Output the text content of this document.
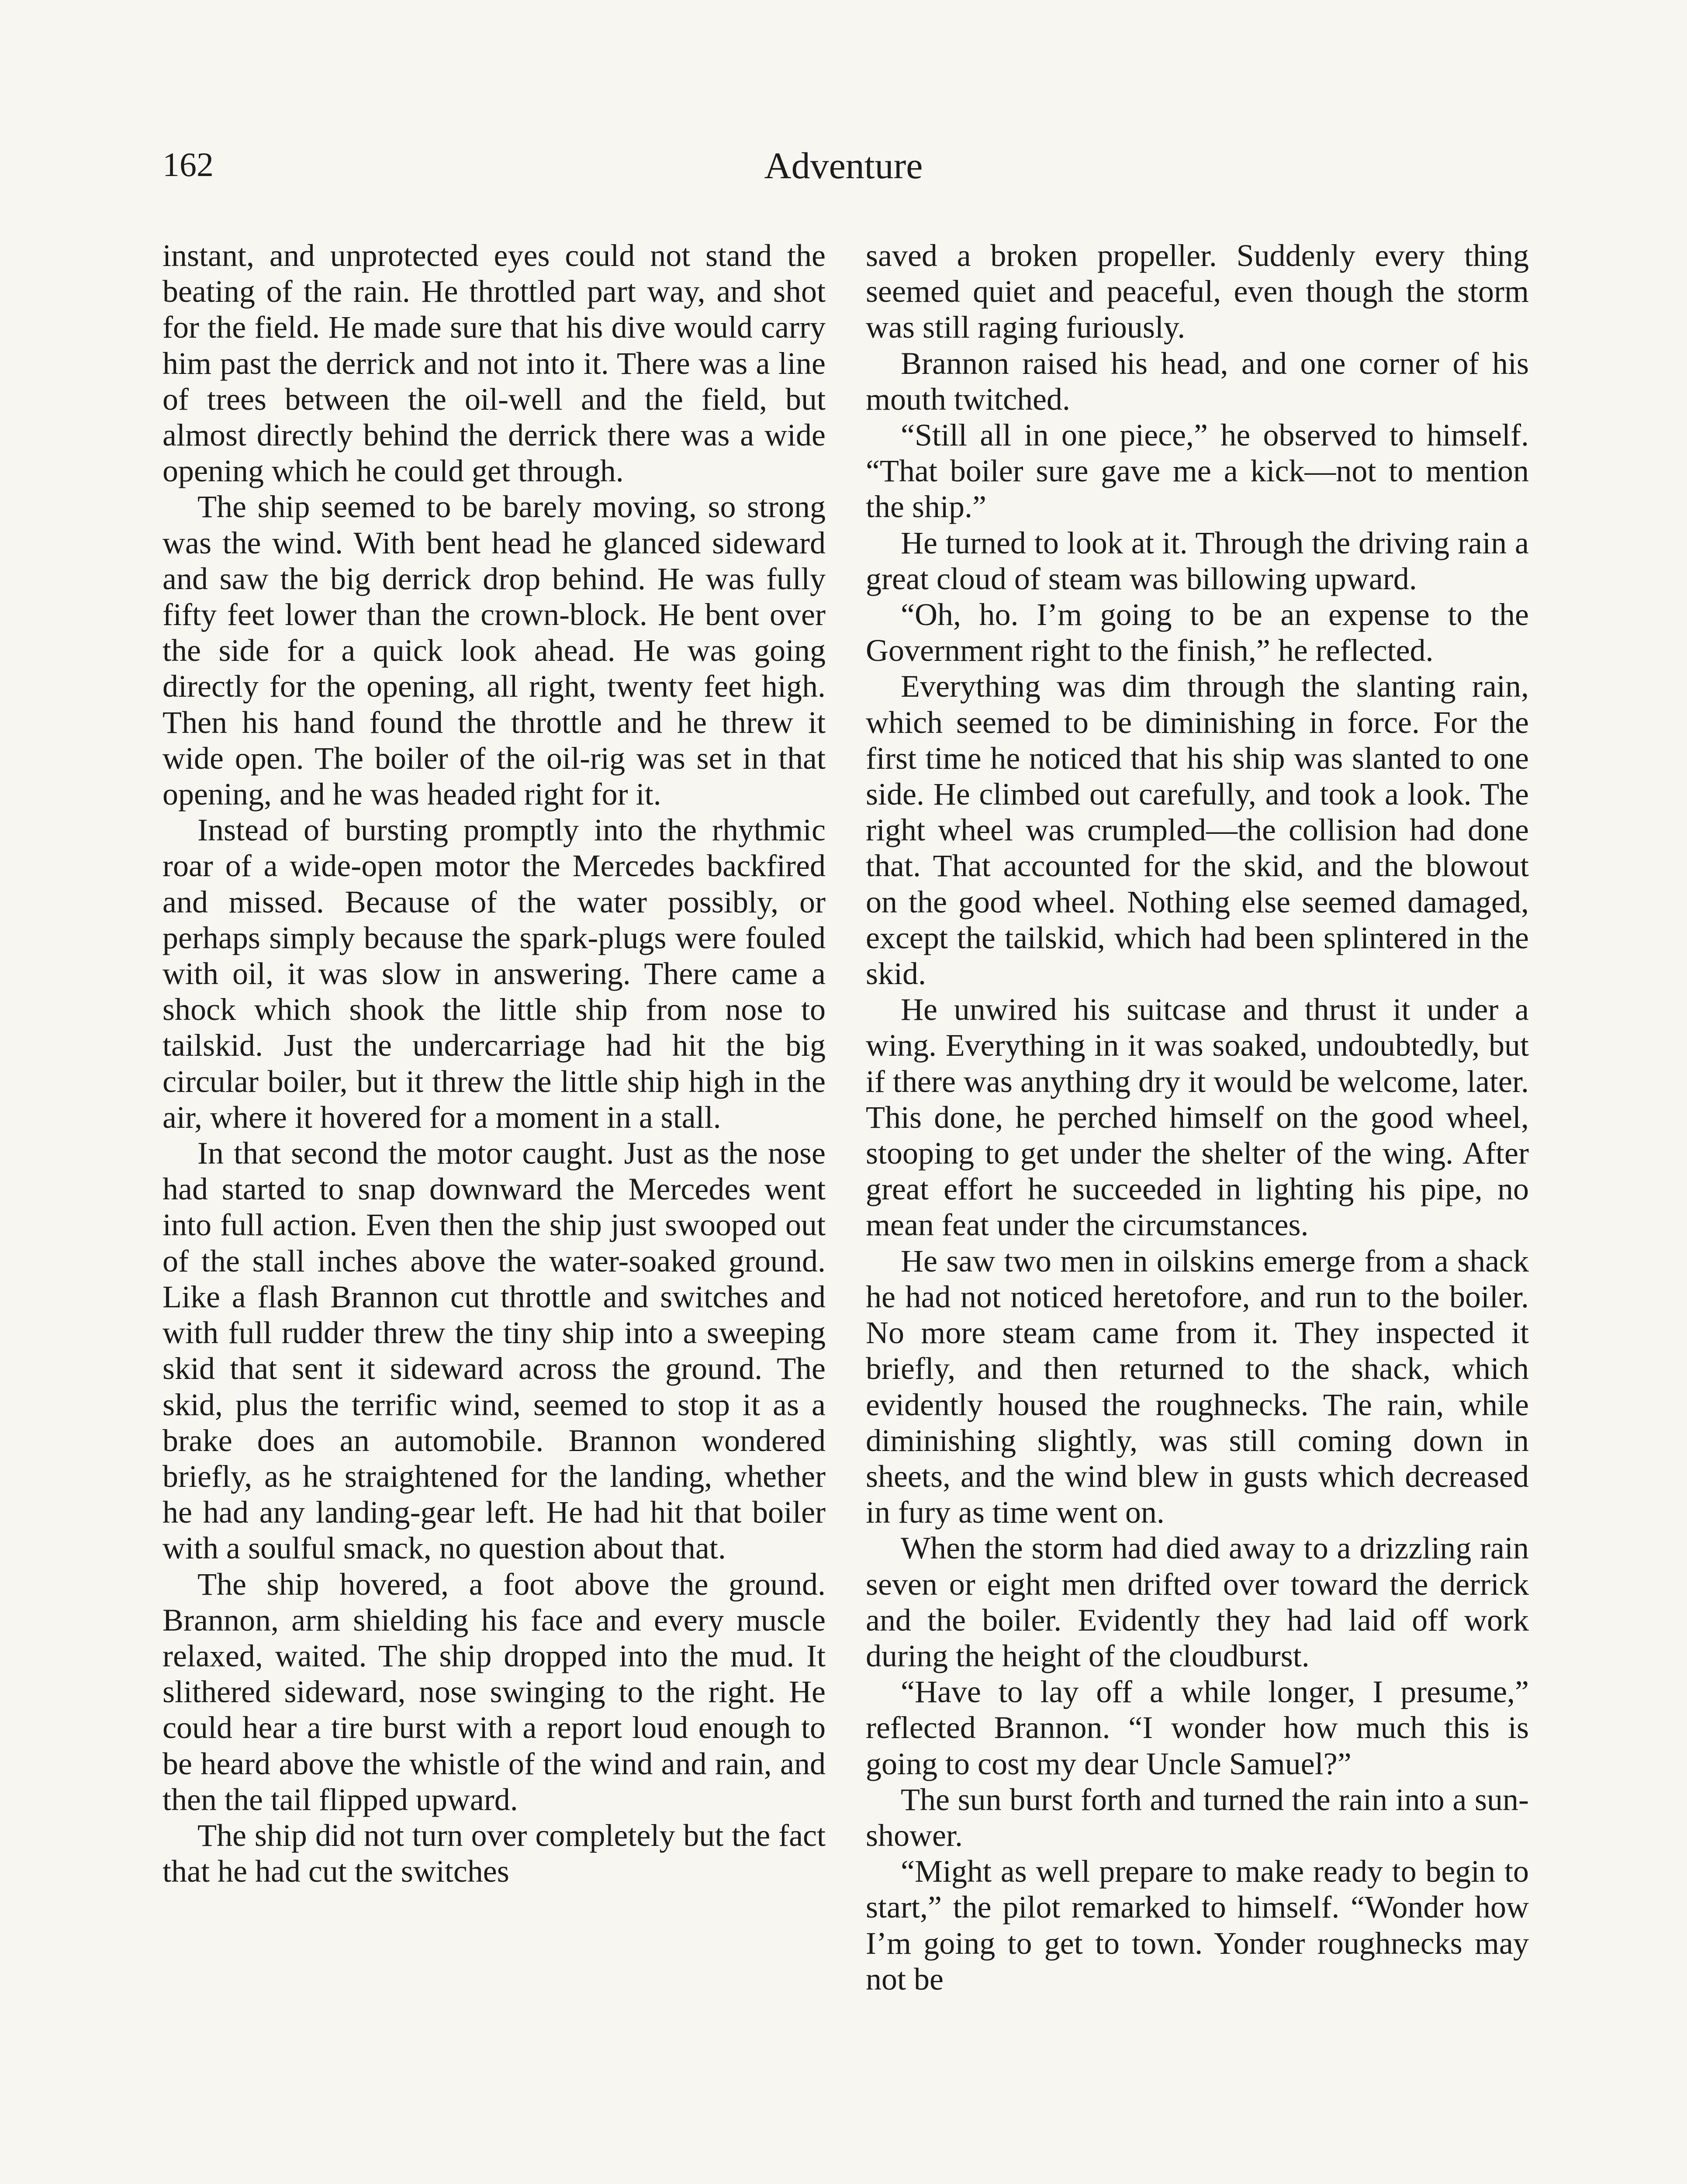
162	Adventure

instant, and unprotected eyes could not stand the beating of the rain. He throttled part way, and shot for the field. He made sure that his dive would carry him past the derrick and not into it. There was a line of trees between the oil-well and the field, but almost directly behind the derrick there was a wide opening which he could get through.

The ship seemed to be barely moving, so strong was the wind. With bent head he glanced sideward and saw the big derrick drop behind. He was fully fifty feet lower than the crown-block. He bent over the side for a quick look ahead. He was going directly for the opening, all right, twenty feet high. Then his hand found the throttle and he threw it wide open. The boiler of the oil-rig was set in that opening, and he was headed right for it.

Instead of bursting promptly into the rhythmic roar of a wide-open motor the Mercedes backfired and missed. Because of the water possibly, or perhaps simply because the spark-plugs were fouled with oil, it was slow in answering. There came a shock which shook the little ship from nose to tailskid. Just the undercarriage had hit the big circular boiler, but it threw the little ship high in the air, where it hovered for a moment in a stall.

In that second the motor caught. Just as the nose had started to snap downward the Mercedes went into full action. Even then the ship just swooped out of the stall inches above the water-soaked ground. Like a flash Brannon cut throttle and switches and with full rudder threw the tiny ship into a sweeping skid that sent it sideward across the ground. The skid, plus the terrific wind, seemed to stop it as a brake does an automobile. Brannon wondered briefly, as he straightened for the landing, whether he had any landing-gear left. He had hit that boiler with a soulful smack, no question about that.

The ship hovered, a foot above the ground. Brannon, arm shielding his face and every muscle relaxed, waited. The ship dropped into the mud. It slithered sideward, nose swinging to the right. He could hear a tire burst with a report loud enough to be heard above the whistle of the wind and rain, and then the tail flipped upward.

The ship did not turn over completely but the fact that he had cut the switches

saved a broken propeller. Suddenly every thing seemed quiet and peaceful, even though the storm was still raging furiously.

Brannon raised his head, and one corner of his mouth twitched.

“Still all in one piece,” he observed to himself. “That boiler sure gave me a kick—not to mention the ship.”

He turned to look at it. Through the driving rain a great cloud of steam was billowing upward.

“Oh, ho. I’m going to be an expense to the Government right to the finish,” he reflected.

Everything was dim through the slanting rain, which seemed to be diminishing in force. For the first time he noticed that his ship was slanted to one side. He climbed out carefully, and took a look. The right wheel was crumpled—the collision had done that. That accounted for the skid, and the blowout on the good wheel. Nothing else seemed damaged, except the tailskid, which had been splintered in the skid.

He unwired his suitcase and thrust it under a wing. Everything in it was soaked, undoubtedly, but if there was anything dry it would be welcome, later. This done, he perched himself on the good wheel, stooping to get under the shelter of the wing. After great effort he succeeded in lighting his pipe, no mean feat under the circumstances.

He saw two men in oilskins emerge from a shack he had not noticed heretofore, and run to the boiler. No more steam came from it. They inspected it briefly, and then returned to the shack, which evidently housed the roughnecks. The rain, while diminishing slightly, was still coming down in sheets, and the wind blew in gusts which decreased in fury as time went on.

When the storm had died away to a drizzling rain seven or eight men drifted over toward the derrick and the boiler. Evidently they had laid off work during the height of the cloudburst.

“Have to lay off a while longer, I presume,” reflected Brannon. “I wonder how much this is going to cost my dear Uncle Samuel?”

The sun burst forth and turned the rain into a sun-shower.

“Might as well prepare to make ready to begin to start,” the pilot remarked to himself. “Wonder how I’m going to get to town. Yonder roughnecks may not be
